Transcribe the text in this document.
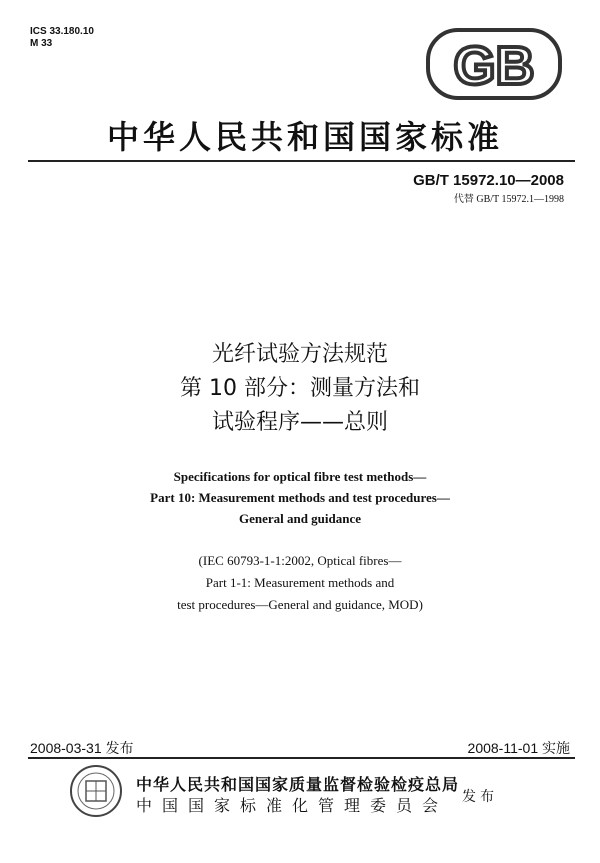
ICS 33.180.10
M 33	GB
中华人民共和国国家标准
GB/T 15972.10—2008
代替 GB/T 15972.1—1998
光纤试验方法规范
第 10 部分：测量方法和
试验程序——总则
Specifications for optical fibre test methods—
Part 10: Measurement methods and test procedures—
General and guidance
(IEC 60793-1-1:2002, Optical fibres—
Part 1-1: Measurement methods and
test procedures—General and guidance, MOD)
2008-03-31 发布	2008-11-01 实施
中华人民共和国国家质量监督检验检疫总局
中国国家标准化管理委员会 发布
